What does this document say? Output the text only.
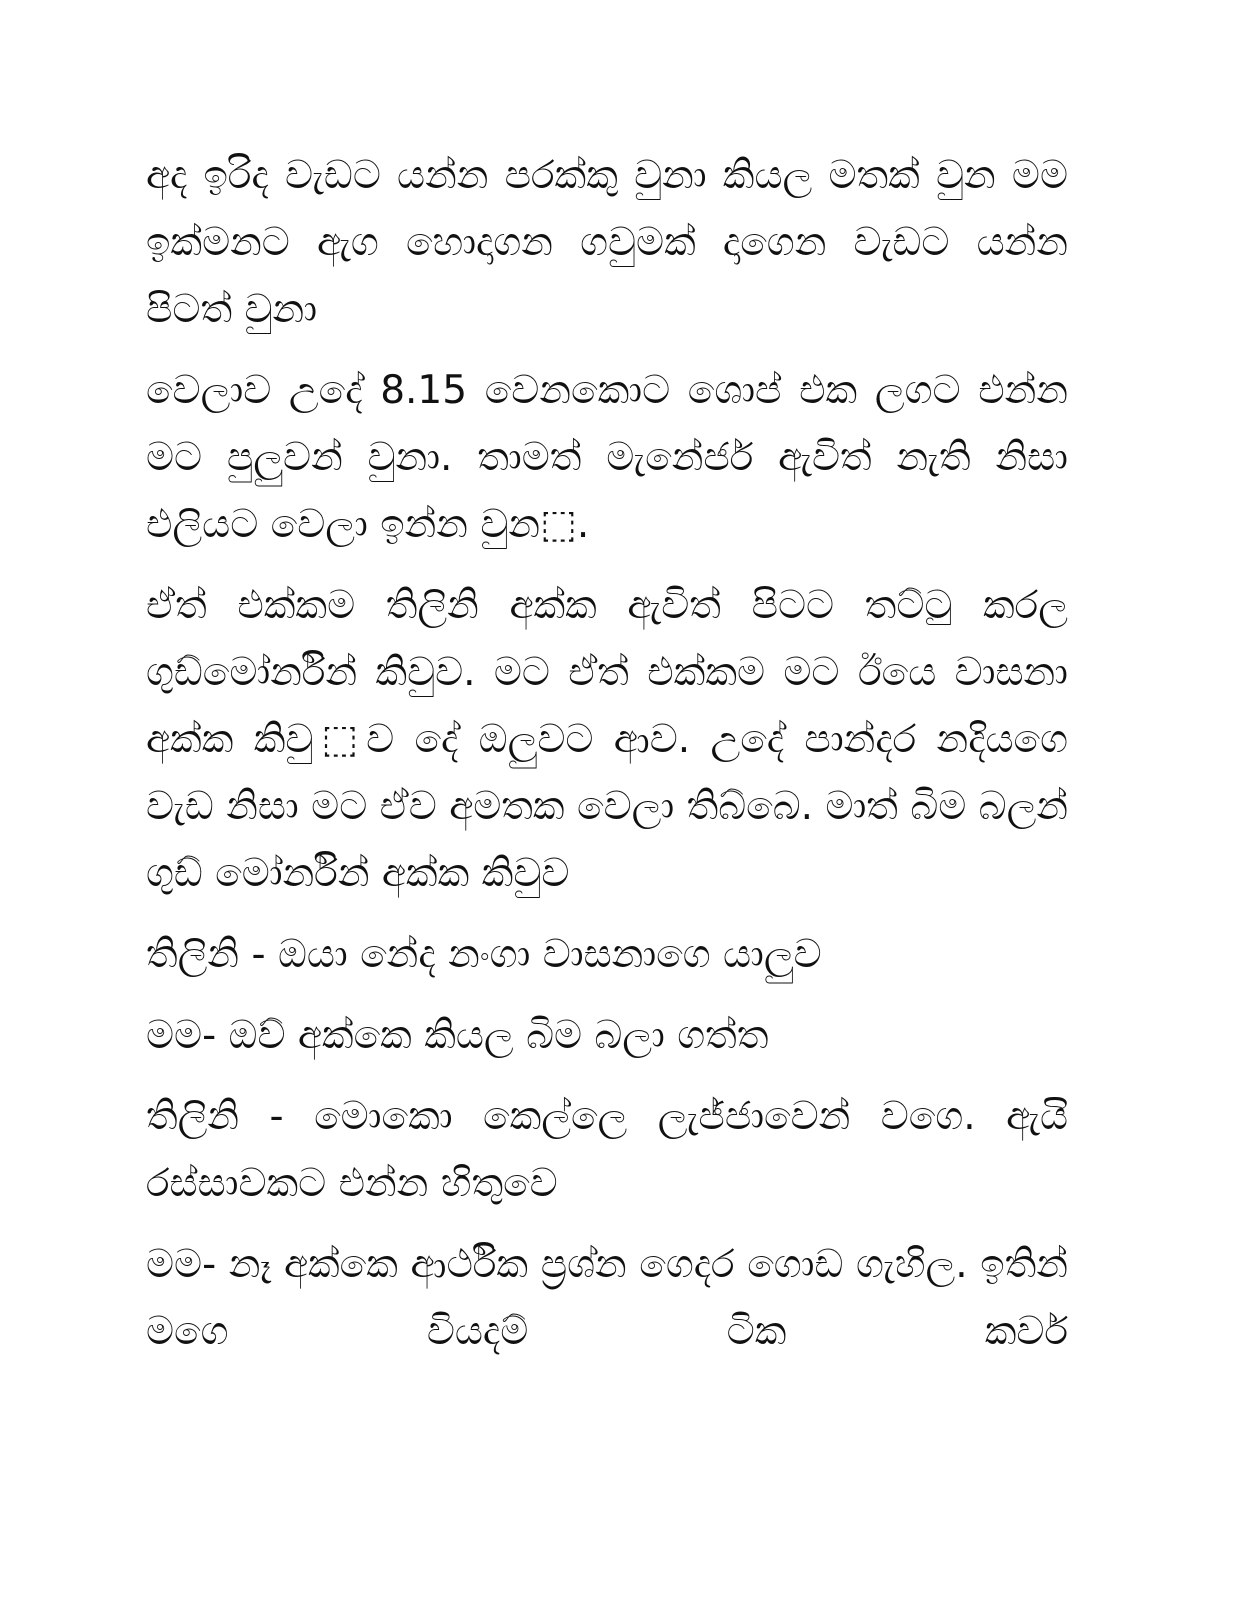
අද ඉරිද වැඩට යන්න පරක්කු වුනා කියල මතක් වුන මම ඉක්මනට ඇග හොදාගන ගවුමක් දාගෙන වැඩට යන්න පිටත් වුනා

වෙලාව උදේ 8.15 වෙනකොට ශොප් එක ලගට එන්න මට පුලුවන් වුනා. තාමත් මැනේජර් ඇවිත් නැති නිසා එලියට වෙලා ඉන්න වුන⬚.

ඒත් එක්කම තිලිනි අක්ක ඇවිත් පිටට තට්ටු කරල ගුඩ්මෝර්නින් කිවුව. මට ඒත් එක්කම මට ඊයෙ වාසනා අක්ක කිවු⬚ව දේ ඔලුවට ආව. උදේ පාන්දර නදියගෙ වැඩ නිසා මට ඒව අමතක වෙලා තිබ්බෙ. මාත් බිම බලන් ගුඩ් මෝර්නින් අක්ක කිවුව

තිලිනි - ඔයා නේද නංගා වාසනාගෙ යාලුව

මම- ඔව් අක්කෙ කියල බිම බලා ගත්ත

තිලිනි - මොකො කෙල්ලෙ ලැජ්ජාවෙන් වගෙ. ඇයි රස්සාවකට එන්න හිතුවෙ

මම- නෑ අක්කෙ ආර්ථික ප්‍රශ්න ගෙදර ගොඩ ගැහිල. ඉතින් මගෙ වියදම් ටික කවර්
